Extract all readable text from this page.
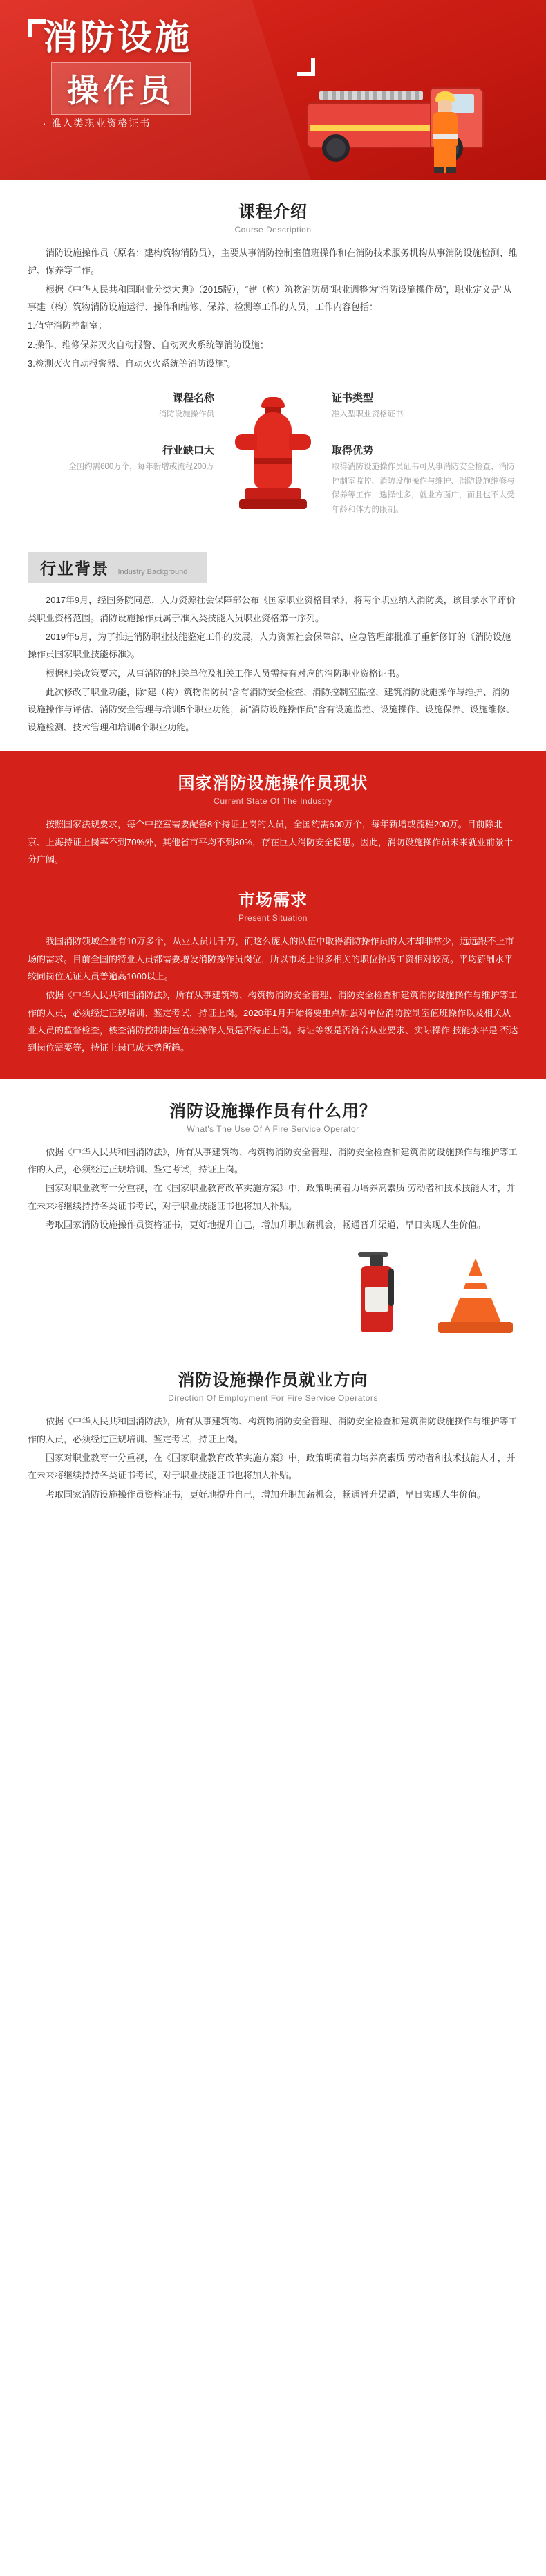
消防设施
操作员
· 准入类职业资格证书
课程介绍
Course Description

消防设施操作员（原名：建构筑物消防员），主要从事消防控制室值班操作和在消防技术服务机构从事消防设施检测、维护、保养等工作。

根据《中华人民共和国职业分类大典》（2015版），“建（构）筑物消防员”职业调整为“消防设施操作员”，职业定义是“从事建（构）筑物消防设施运行、操作和维修、保养、检测等工作的人员，工作内容包括：

1.值守消防控制室；

2.操作、维修保养灭火自动报警、自动灭火系统等消防设施；

3.检测灭火自动报警器、自动灭火系统等消防设施”。

课程名称
消防设施操作员
行业缺口大
全国约需600万个，每年新增或流程200万
证书类型
准入型职业资格证书
取得优势
取得消防设施操作员证书可从事消防安全检查、消防控制室监控、消防设施操作与维护、消防设施维修与保养等工作，选择性多，就业方面广，而且也不太受年龄和体力的限制。
行业背景 Industry Background

2017年9月，经国务院同意，人力资源社会保障部公布《国家职业资格目录》，将两个职业纳入消防类，该目录水平评价类职业资格范围。消防设施操作员属于准入类技能人员职业资格第一序列。

2019年5月，为了推进消防职业技能鉴定工作的发展，人力资源社会保障部、应急管理部批准了重新修订的《消防设施操作员国家职业技能标准》。

根据相关政策要求，从事消防的相关单位及相关工作人员需持有对应的消防职业资格证书。

此次修改了职业功能，除“建（构）筑物消防员”含有消防安全检查、消防控制室监控、建筑消防设施操作与维护、消防设施操作与评估、消防安全管理与培训5个职业功能，新“消防设施操作员”含有设施监控、设施操作、设施保养、设施维修、设施检测、技术管理和培训6个职业功能。

国家消防设施操作员现状
Current State Of The Industry

按照国家法规要求，每个中控室需要配备8个持证上岗的人员，全国约需600万个，每年新增或流程200万。目前除北京、上海持证上岗率不到70%外，其他省市平均不到30%，存在巨大消防安全隐患。因此，消防设施操作员未来就业前景十分广阔。

市场需求
Present Situation

我国消防领域企业有10万多个，从业人员几千万，而这么庞大的队伍中取得消防操作员的人才却非常少，远远跟不上市场的需求。目前全国的特业人员都需要增设消防操作员岗位，所以市场上很多相关的职位招聘工资相对较高。平均薪酬水平较同岗位无证人员普遍高1000以上。

依据《中华人民共和国消防法》，所有从事建筑物、构筑物消防安全管理、消防安全检查和建筑消防设施操作与维护等工作的人员，必须经过正规培训、鉴定考试，持证上岗。2020年1月开始将要重点加强对单位消防控制室值班操作以及相关从业人员的监督检查，核查消防控制制室值班操作人员是否持正上岗。持证等级是否符合从业要求、实际操作 技能水平是 否达到岗位需要等，持证上岗已成大势所趋。

消防设施操作员有什么用？
What's The Use Of A Fire Service Operator

依据《中华人民共和国消防法》，所有从事建筑物、构筑物消防安全管理、消防安全检查和建筑消防设施操作与维护等工作的人员，必须经过正规培训、鉴定考试，持证上岗。

国家对职业教育十分重视，在《国家职业教育改革实施方案》中，政策明确着力培养高素质 劳动者和技术技能人才，并在未来将继续持持各类证书考试，对于职业技能证书也将加大补贴。

考取国家消防设施操作员资格证书，更好地提升自己，增加升职加薪机会，畅通晋升渠道，早日实现人生价值。

消防设施操作员就业方向
Direction Of Employment For Fire Service Operators

依据《中华人民共和国消防法》，所有从事建筑物、构筑物消防安全管理、消防安全检查和建筑消防设施操作与维护等工作的人员，必须经过正规培训、鉴定考试，持证上岗。

国家对职业教育十分重视，在《国家职业教育改革实施方案》中，政策明确着力培养高素质 劳动者和技术技能人才，并在未来将继续持持各类证书考试，对于职业技能证书也将加大补贴。

考取国家消防设施操作员资格证书，更好地提升自己，增加升职加薪机会，畅通晋升渠道，早日实现人生价值。
